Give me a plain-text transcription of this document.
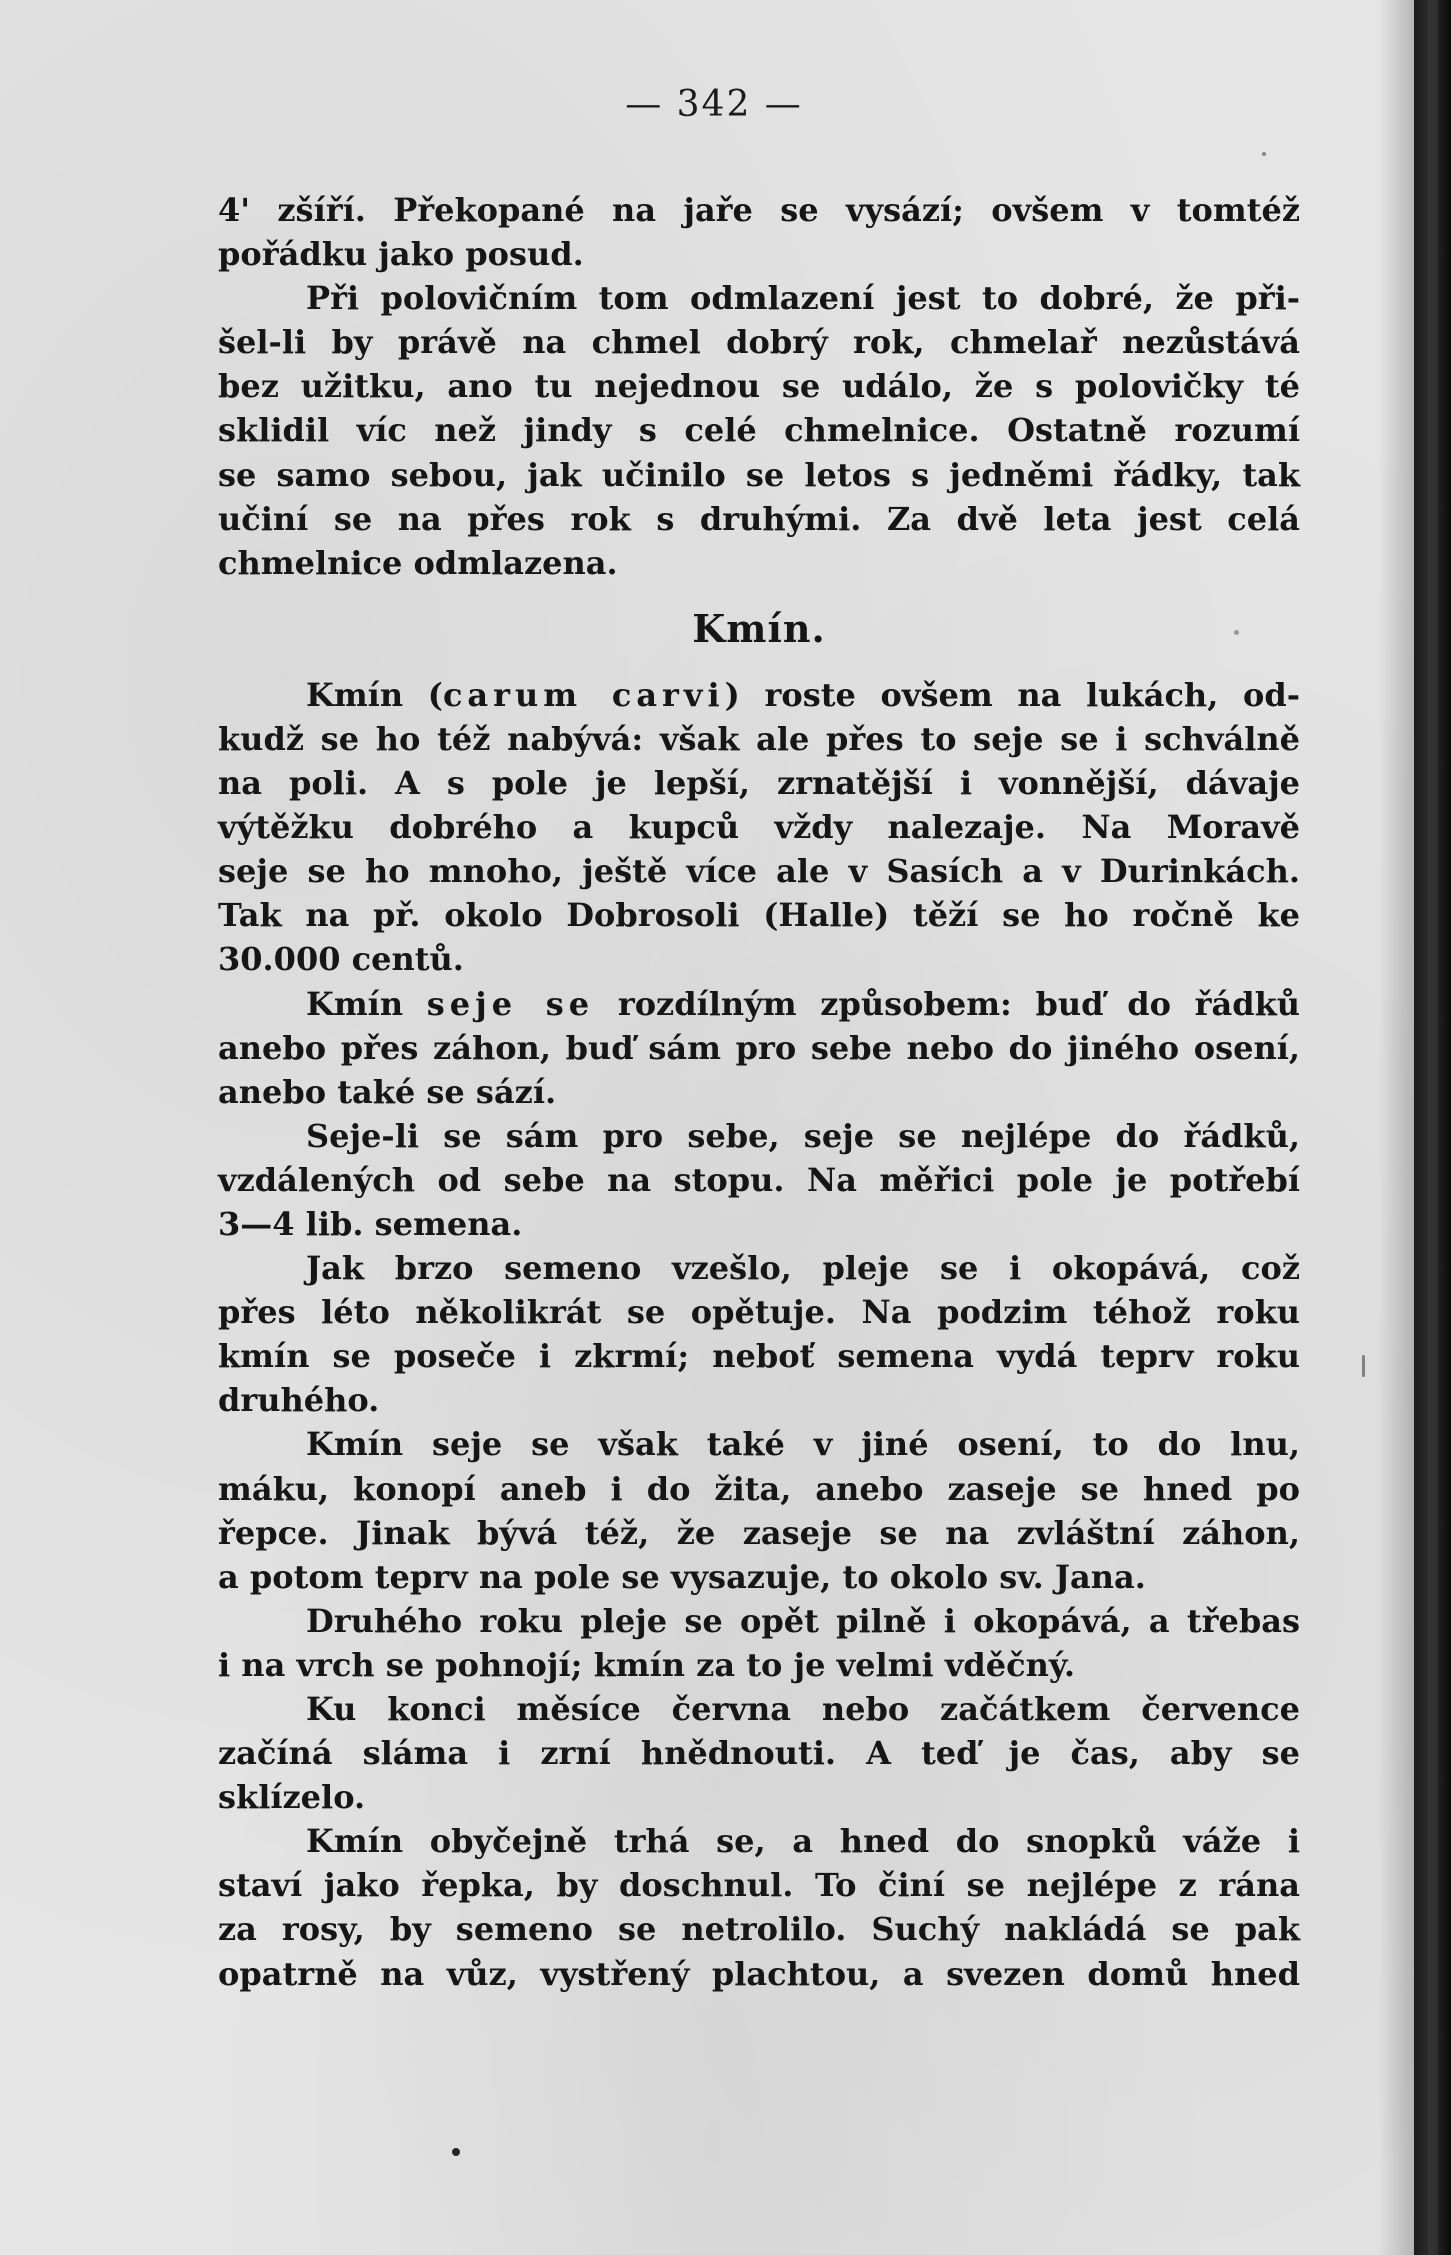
— 342 —
4' zšíří. Překopané na jaře se vysází; ovšem v tomtéž
pořádku jako posud.
Při polovičním tom odmlazení jest to dobré, že při-
šel-li by právě na chmel dobrý rok, chmelař nezůstává
bez užitku, ano tu nejednou se událo, že s polovičky té
sklidil víc než jindy s celé chmelnice. Ostatně rozumí
se samo sebou, jak učinilo se letos s jedněmi řádky, tak
učiní se na přes rok s druhými. Za dvě leta jest celá
chmelnice odmlazena.
Kmín.
Kmín (carum carvi) roste ovšem na lukách, od-
kudž se ho též nabývá: však ale přes to seje se i schválně
na poli. A s pole je lepší, zrnatější i vonnější, dávaje
výtěžku dobrého a kupců vždy nalezaje. Na Moravě
seje se ho mnoho, ještě více ale v Sasích a v Durinkách.
Tak na př. okolo Dobrosoli (Halle) těží se ho ročně ke
30.000 centů.
Kmín seje se rozdílným způsobem: buď do řádků
anebo přes záhon, buď sám pro sebe nebo do jiného osení,
anebo také se sází.
Seje-li se sám pro sebe, seje se nejlépe do řádků,
vzdálených od sebe na stopu. Na měřici pole je potřebí
3—4 lib. semena.
Jak brzo semeno vzešlo, pleje se i okopává, což
přes léto několikrát se opětuje. Na podzim téhož roku
kmín se poseče i zkrmí; neboť semena vydá teprv roku
druhého.
Kmín seje se však také v jiné osení, to do lnu,
máku, konopí aneb i do žita, anebo zaseje se hned po
řepce. Jinak bývá též, že zaseje se na zvláštní záhon,
a potom teprv na pole se vysazuje, to okolo sv. Jana.
Druhého roku pleje se opět pilně i okopává, a třebas
i na vrch se pohnojí; kmín za to je velmi vděčný.
Ku konci měsíce června nebo začátkem července
začíná sláma i zrní hnědnouti. A teď je čas, aby se
sklízelo.
Kmín obyčejně trhá se, a hned do snopků váže i
staví jako řepka, by doschnul. To činí se nejlépe z rána
za rosy, by semeno se netrolilo. Suchý nakládá se pak
opatrně na vůz, vystřený plachtou, a svezen domů hned
